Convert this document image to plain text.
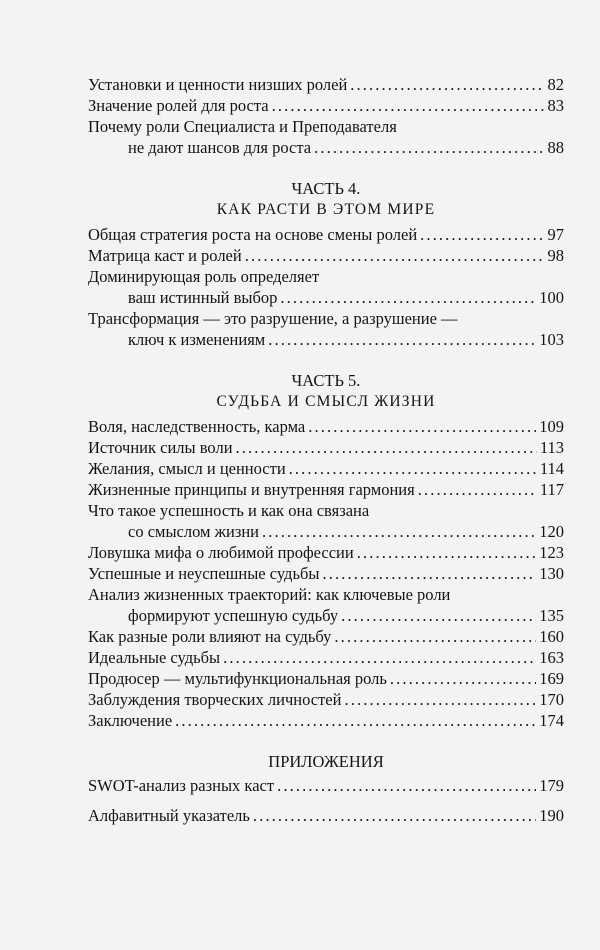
Установки и ценности низших ролей . . .	82
Значение ролей для роста . . .	83
Почему роли Специалиста и Преподавателя
не дают шансов для роста . . .	88
ЧАСТЬ 4.
КАК РАСТИ В ЭТОМ МИРЕ
Общая стратегия роста на основе смены ролей . . .	97
Матрица каст и ролей . . .	98
Доминирующая роль определяет
ваш истинный выбор . . .	100
Трансформация — это разрушение, а разрушение —
ключ к изменениям . . .	103
ЧАСТЬ 5.
СУДЬБА И СМЫСЛ ЖИЗНИ
Воля, наследственность, карма . . .	109
Источник силы воли . . .	113
Желания, смысл и ценности . . .	114
Жизненные принципы и внутренняя гармония . . .	117
Что такое успешность и как она связана
со смыслом жизни . . .	120
Ловушка мифа о любимой профессии . . .	123
Успешные и неуспешные судьбы . . .	130
Анализ жизненных траекторий: как ключевые роли
формируют успешную судьбу . . .	135
Как разные роли влияют на судьбу . . .	160
Идеальные судьбы . . .	163
Продюсер — мультифункциональная роль . . .	169
Заблуждения творческих личностей . . .	170
Заключение . . .	174
ПРИЛОЖЕНИЯ
SWOT-анализ разных каст . . .	179
Алфавитный указатель . . .	190
